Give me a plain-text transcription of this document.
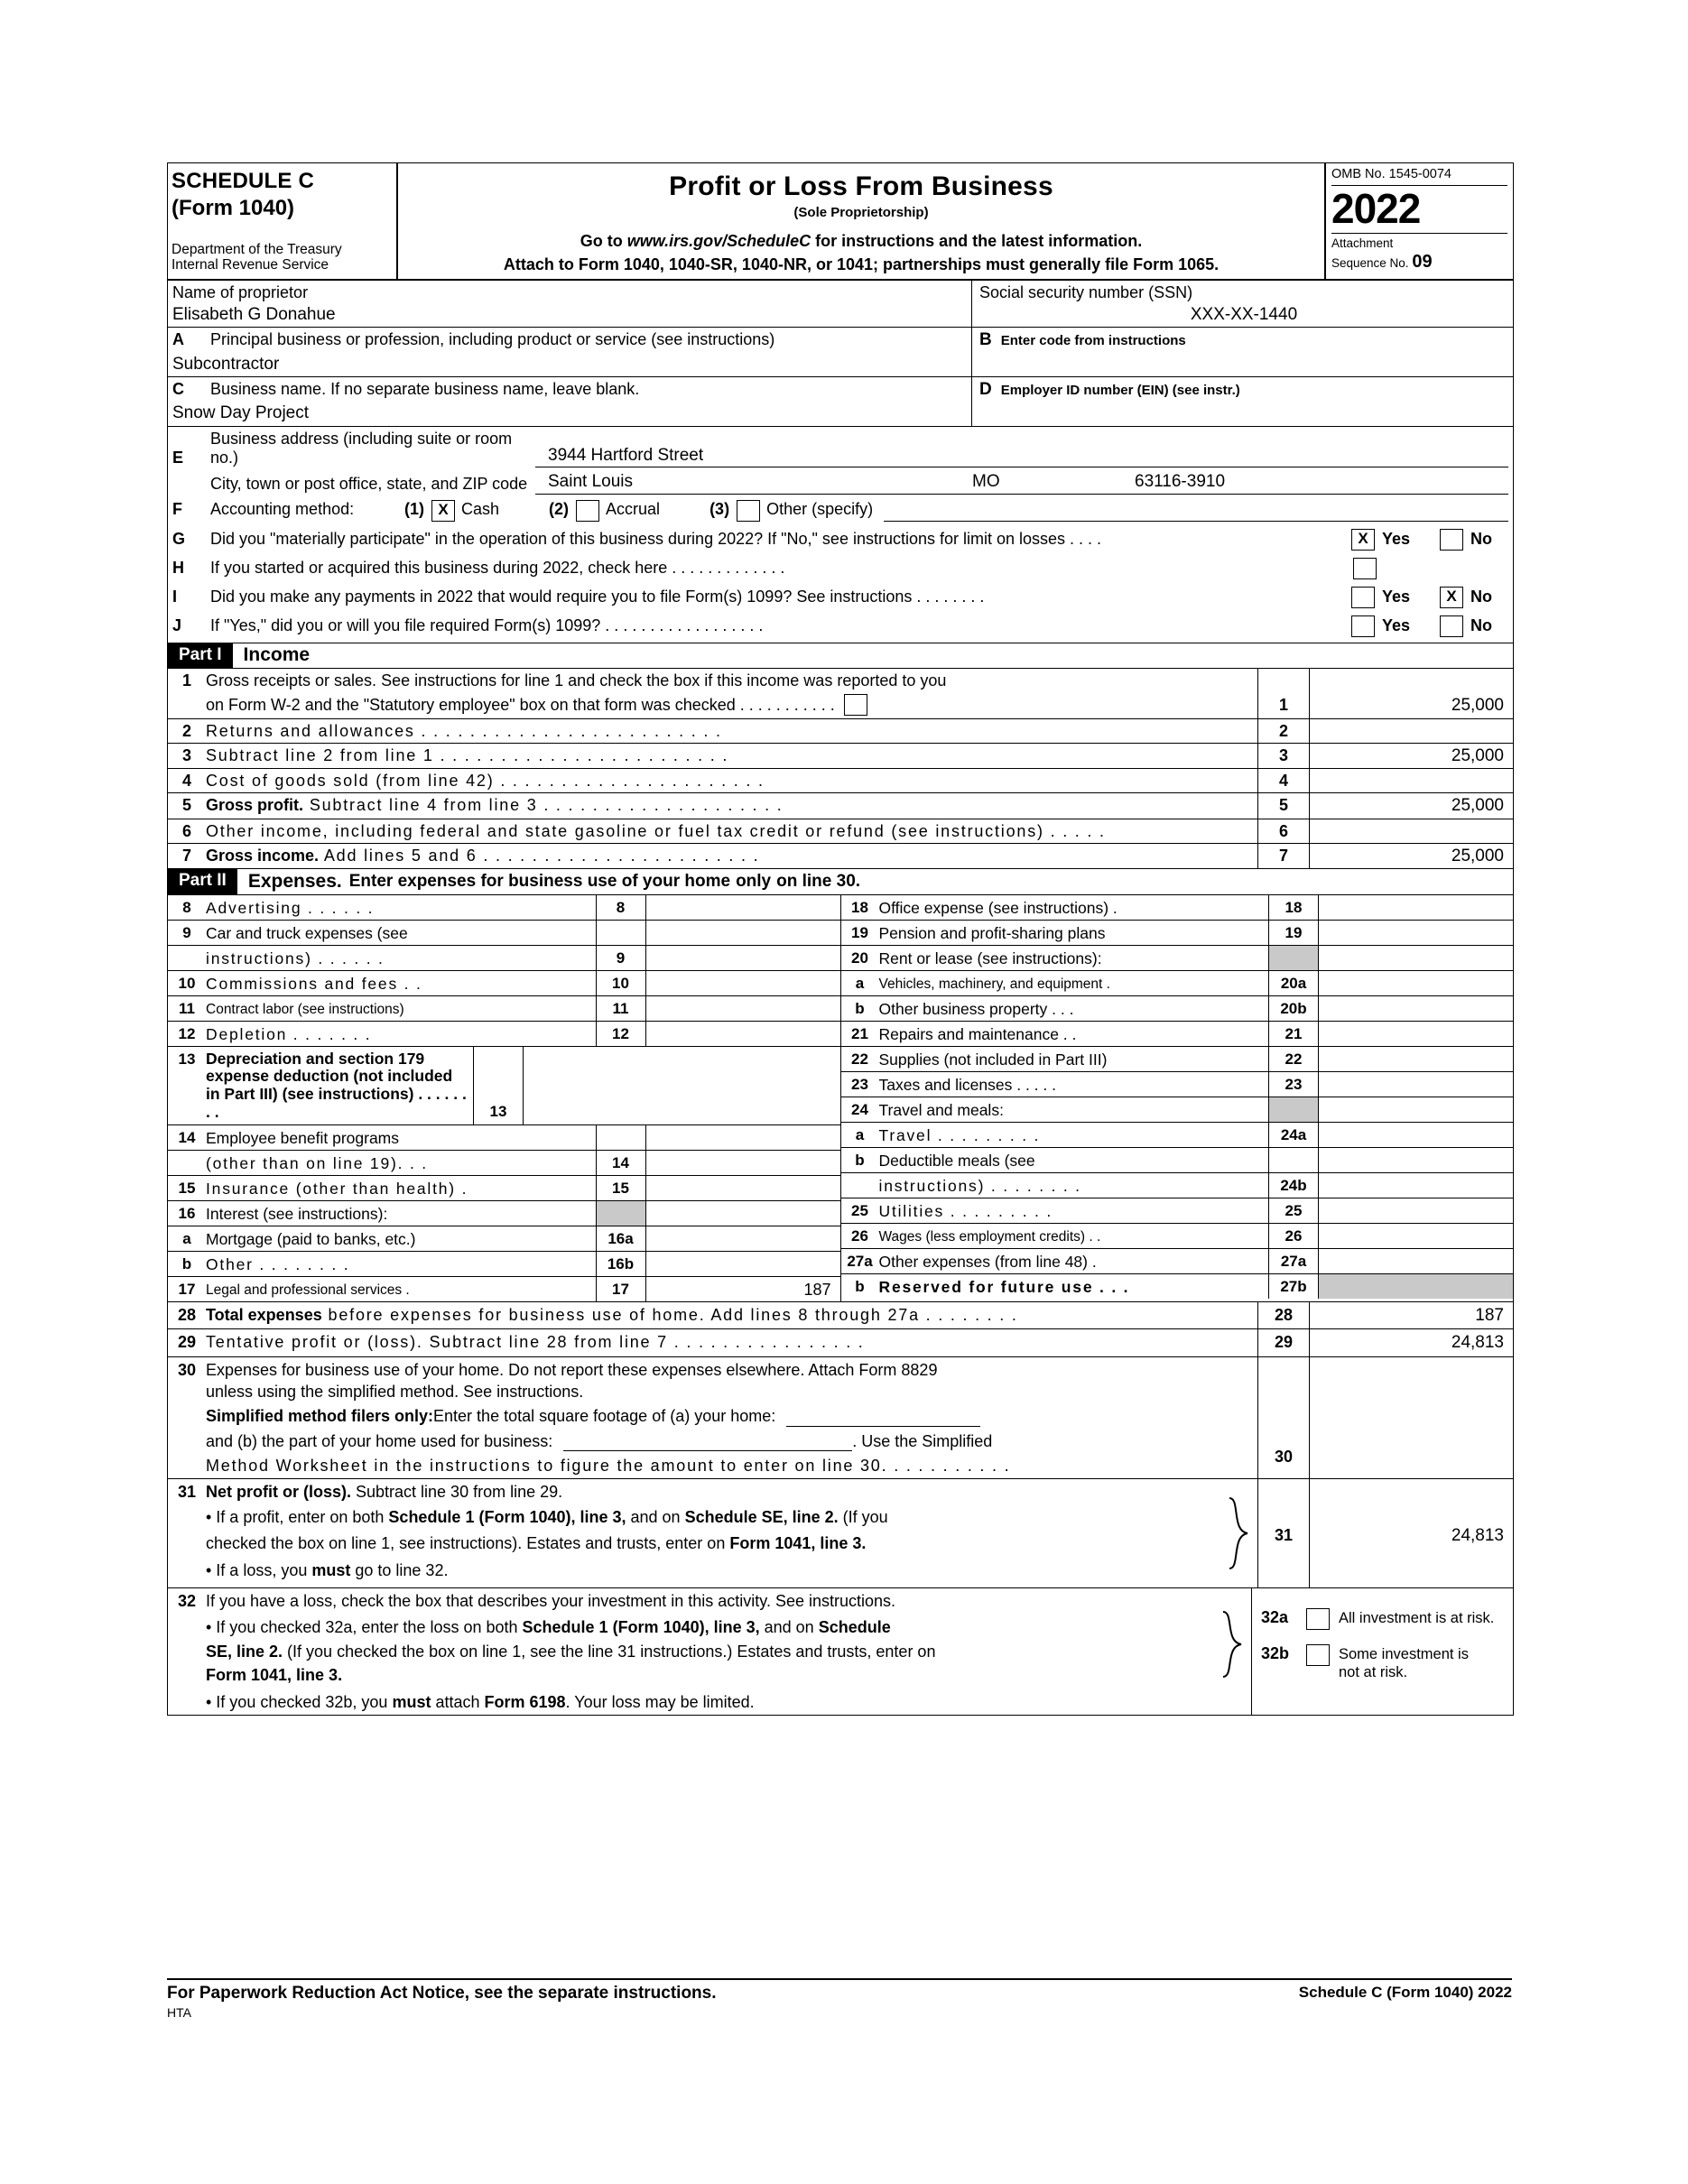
SCHEDULE C
(Form 1040)
Department of the Treasury
Internal Revenue Service
Profit or Loss From Business
(Sole Proprietorship)
Go to www.irs.gov/ScheduleC for instructions and the latest information.
Attach to Form 1040, 1040-SR, 1040-NR, or 1041; partnerships must generally file Form 1065.
OMB No. 1545-0074
2022
Attachment
Sequence No. 09
Name of proprietor
Elisabeth G Donahue
Social security number (SSN)
XXX-XX-1440
A Principal business or profession, including product or service (see instructions)
Subcontractor
B Enter code from instructions
C Business name. If no separate business name, leave blank.
Snow Day Project
D Employer ID number (EIN) (see instr.)
E
Business address (including suite or room no.)	3944 Hartford Street
City, town or post office, state, and ZIP code	Saint Louis	MO	63116-3910
F	Accounting method:	(1) X Cash	(2) Accrual	(3) Other (specify)
G	Did you "materially participate" in the operation of this business during 2022? If "No," see instructions for limit on losses . . . .	X Yes	No
H	If you started or acquired this business during 2022, check here . . . . . . . . . . . . .
I	Did you make any payments in 2022 that would require you to file Form(s) 1099? See instructions . . . . . . . .	Yes	X No
J	If "Yes," did you or will you file required Form(s) 1099? . . . . . . . . . . . . . . . . . .	Yes	No
Part I	Income
1 Gross receipts or sales. See instructions for line 1 and check the box if this income was reported to you
on Form W-2 and the "Statutory employee" box on that form was checked . . . . . . . . . . .	1	25,000
2 Returns and allowances . . . . . . . . . . . . . . . . . . . . . . . . .	2
3 Subtract line 2 from line 1 . . . . . . . . . . . . . . . . . . . . . . . .	3	25,000
4 Cost of goods sold (from line 42) . . . . . . . . . . . . . . . . . . . . . .	4
5 Gross profit. Subtract line 4 from line 3 . . . . . . . . . . . . . . . . . . . .	5	25,000
6 Other income, including federal and state gasoline or fuel tax credit or refund (see instructions) . . . . .	6
7 Gross income. Add lines 5 and 6 . . . . . . . . . . . . . . . . . . . . . . .	7	25,000
Part II	Expenses. Enter expenses for business use of your home only on line 30.
8 Advertising . . . . . .	8
9 Car and truck expenses (see
instructions) . . . . . .	9
10 Commissions and fees . .	10
11 Contract labor (see instructions)	11
12 Depletion . . . . . . .	12
13 Depreciation and section 179 expense deduction (not included in Part III) (see instructions) . . . . . . . .	13
14 Employee benefit programs
(other than on line 19). . .	14
15 Insurance (other than health) .	15
16 Interest (see instructions):
a Mortgage (paid to banks, etc.)	16a
b Other . . . . . . . .	16b
17 Legal and professional services .	17	187
18 Office expense (see instructions) .	18
19 Pension and profit-sharing plans	19
20 Rent or lease (see instructions):
a	Vehicles, machinery, and equipment .	20a
b Other business property . . .	20b
21 Repairs and maintenance . .	21
22 Supplies (not included in Part III)	22
23 Taxes and licenses . . . . .	23
24 Travel and meals:
a Travel . . . . . . . . .	24a
b Deductible meals (see
instructions) . . . . . . . .	24b
25 Utilities . . . . . . . . .	25
26 Wages (less employment credits) . .	26
27a Other expenses (from line 48) .	27a
b Reserved for future use . . .	27b
28 Total expenses before expenses for business use of home. Add lines 8 through 27a . . . . . . . .	28	187
29 Tentative profit or (loss). Subtract line 28 from line 7 . . . . . . . . . . . . . . . .	29	24,813
30 Expenses for business use of your home. Do not report these expenses elsewhere. Attach Form 8829
unless using the simplified method. See instructions.
Simplified method filers only: Enter the total square footage of (a) your home:
and (b) the part of your home used for business:	. Use the Simplified
Method Worksheet in the instructions to figure the amount to enter on line 30. . . . . . . . . . .	30
31 Net profit or (loss). Subtract line 30 from line 29.
• If a profit, enter on both Schedule 1 (Form 1040), line 3, and on Schedule SE, line 2. (If you
checked the box on line 1, see instructions). Estates and trusts, enter on Form 1041, line 3.
• If a loss, you must go to line 32.
31	24,813
32 If you have a loss, check the box that describes your investment in this activity. See instructions.
• If you checked 32a, enter the loss on both Schedule 1 (Form 1040), line 3, and on Schedule
SE, line 2. (If you checked the box on line 1, see the line 31 instructions.) Estates and trusts, enter on
Form 1041, line 3.
• If you checked 32b, you must attach Form 6198. Your loss may be limited.
32a	All investment is at risk.
32b	Some investment is
not at risk.
For Paperwork Reduction Act Notice, see the separate instructions.	Schedule C (Form 1040) 2022
HTA
